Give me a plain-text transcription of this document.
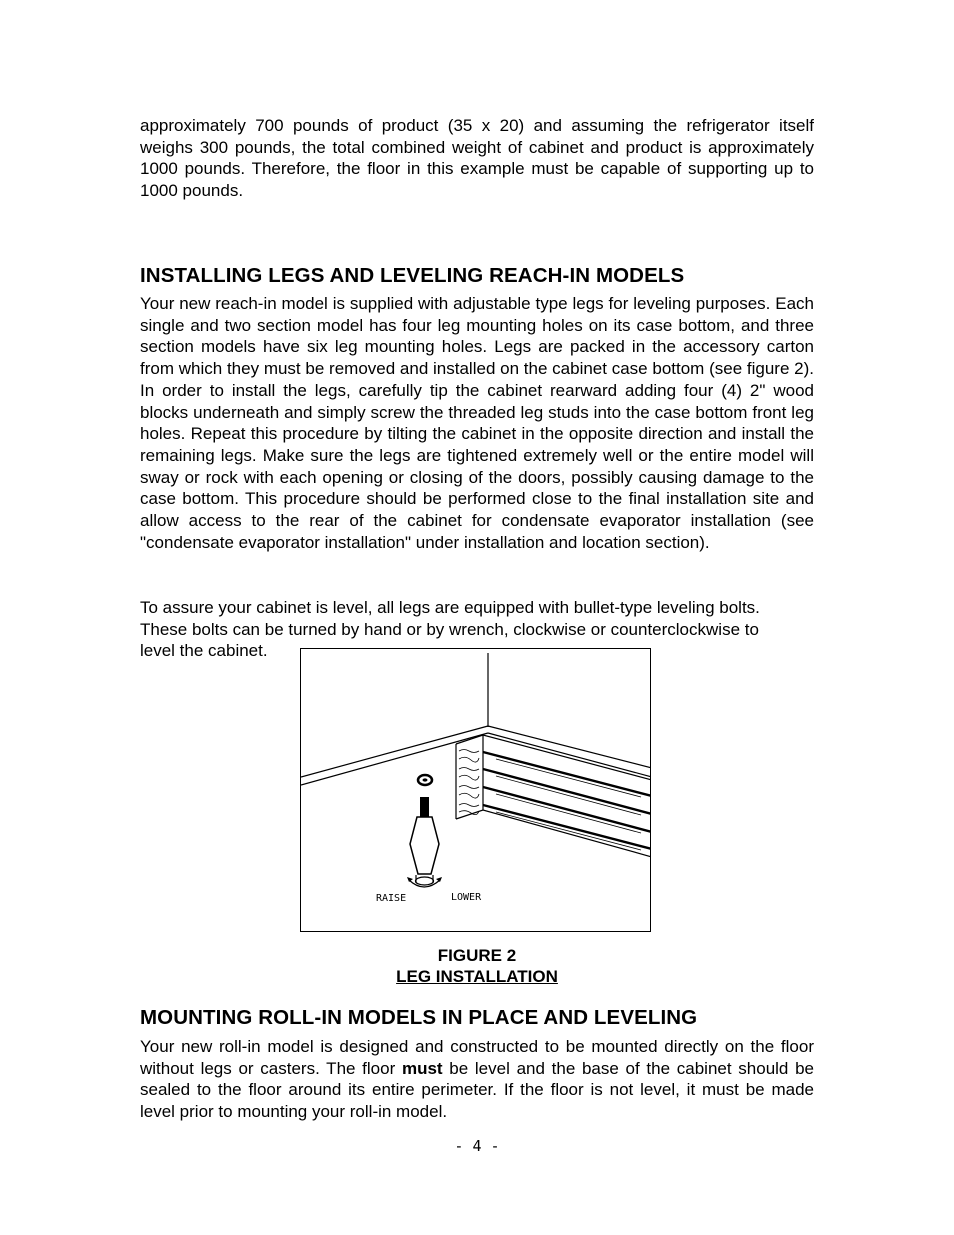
approximately 700 pounds of product (35 x 20) and assuming the refrigerator itself weighs 300 pounds, the total combined weight of cabinet and product is approximately 1000 pounds. Therefore, the floor in this example must be capable of supporting up to 1000 pounds.

INSTALLING LEGS AND LEVELING REACH-IN MODELS

Your new reach-in model is supplied with adjustable type legs for leveling purposes. Each single and two section model has four leg mounting holes on its case bottom, and three section models have six leg mounting holes. Legs are packed in the accessory carton from which they must be removed and installed on the cabinet case bottom (see figure 2). In order to install the legs, carefully tip the cabinet rearward adding four (4) 2" wood blocks underneath and simply screw the threaded leg studs into the case bottom front leg holes. Repeat this procedure by tilting the cabinet in the opposite direction and install the remaining legs. Make sure the legs are tightened extremely well or the entire model will sway or rock with each opening or closing of the doors, possibly causing damage to the case bottom. This procedure should be performed close to the final installation site and allow access to the rear of the cabinet for condensate evaporator installation (see "condensate evaporator installation" under installation and location section).

To assure your cabinet is level, all legs are equipped with bullet-type leveling bolts.
These bolts can be turned by hand or by wrench, clockwise or counterclockwise to
level the cabinet.
RAISE	LOWER

FIGURE 2

LEG INSTALLATION

MOUNTING ROLL-IN MODELS IN PLACE AND LEVELING

Your new roll-in model is designed and constructed to be mounted directly on the floor without legs or casters. The floor must be level and the base of the cabinet should be sealed to the floor around its entire perimeter. If the floor is not level, it must be made level prior to mounting your roll-in model.

- 4 -
